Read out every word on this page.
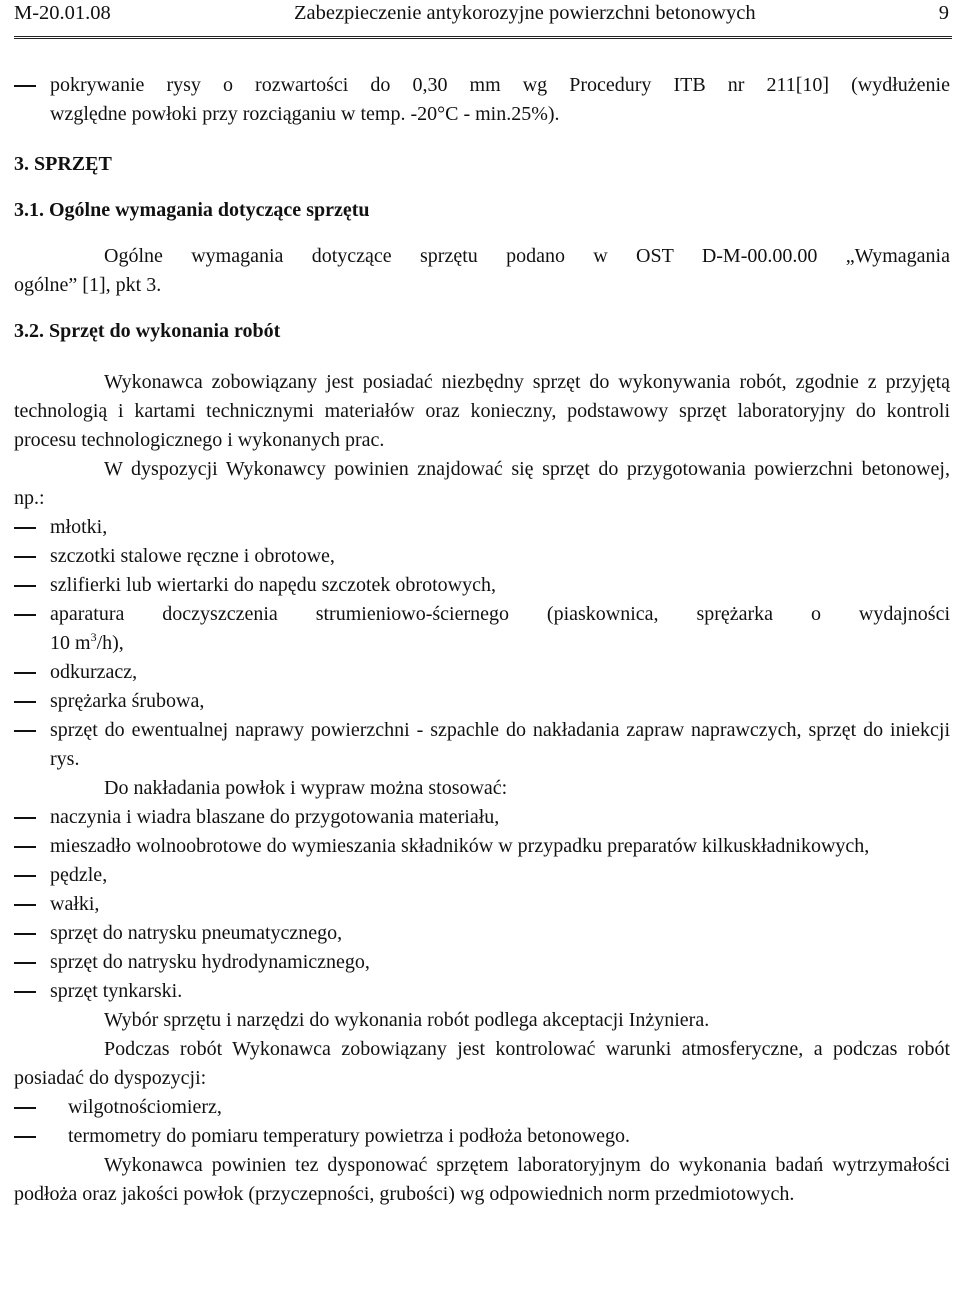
M-20.01.08	Zabezpieczenie antykorozyjne powierzchni betonowych	9

pokrywanie rysy o rozwartości do 0,30 mm wg Procedury ITB nr 211[10] (wydłużenie

względne powłoki przy rozciąganiu w temp. -20°C - min.25%).

3. SPRZĘT

3.1. Ogólne wymagania dotyczące sprzętu

Ogólne wymagania dotyczące sprzętu podano w OST D-M-00.00.00 „Wymagania

ogólne” [1], pkt 3.

3.2. Sprzęt do wykonania robót

Wykonawca zobowiązany jest posiadać niezbędny sprzęt do wykonywania robót, zgodnie z przyjętą technologią i kartami technicznymi materiałów oraz konieczny, podstawowy sprzęt laboratoryjny do kontroli procesu technologicznego i wykonanych prac.

W dyspozycji Wykonawcy powinien znajdować się sprzęt do przygotowania powierzchni betonowej, np.:

młotki,

szczotki stalowe ręczne i obrotowe,

szlifierki lub wiertarki do napędu szczotek obrotowych,

aparatura doczyszczenia strumieniowo-ściernego (piaskownica, sprężarka o wydajności

10 $m^3/h$),

odkurzacz,

sprężarka śrubowa,

sprzęt do ewentualnej naprawy powierzchni - szpachle do nakładania zapraw naprawczych, sprzęt do iniekcji rys.

Do nakładania powłok i wypraw można stosować:

naczynia i wiadra blaszane do przygotowania materiału,

mieszadło wolnoobrotowe do wymieszania składników w przypadku preparatów kilkuskładnikowych,

pędzle,

wałki,

sprzęt do natrysku pneumatycznego,

sprzęt do natrysku hydrodynamicznego,

sprzęt tynkarski.

Wybór sprzętu i narzędzi do wykonania robót podlega akceptacji Inżyniera.

Podczas robót Wykonawca zobowiązany jest kontrolować warunki atmosferyczne, a podczas robót posiadać do dyspozycji:

wilgotnościomierz,

termometry do pomiaru temperatury powietrza i podłoża betonowego.

Wykonawca powinien tez dysponować sprzętem laboratoryjnym do wykonania badań wytrzymałości podłoża oraz jakości powłok (przyczepności, grubości) wg odpowiednich norm przedmiotowych.
